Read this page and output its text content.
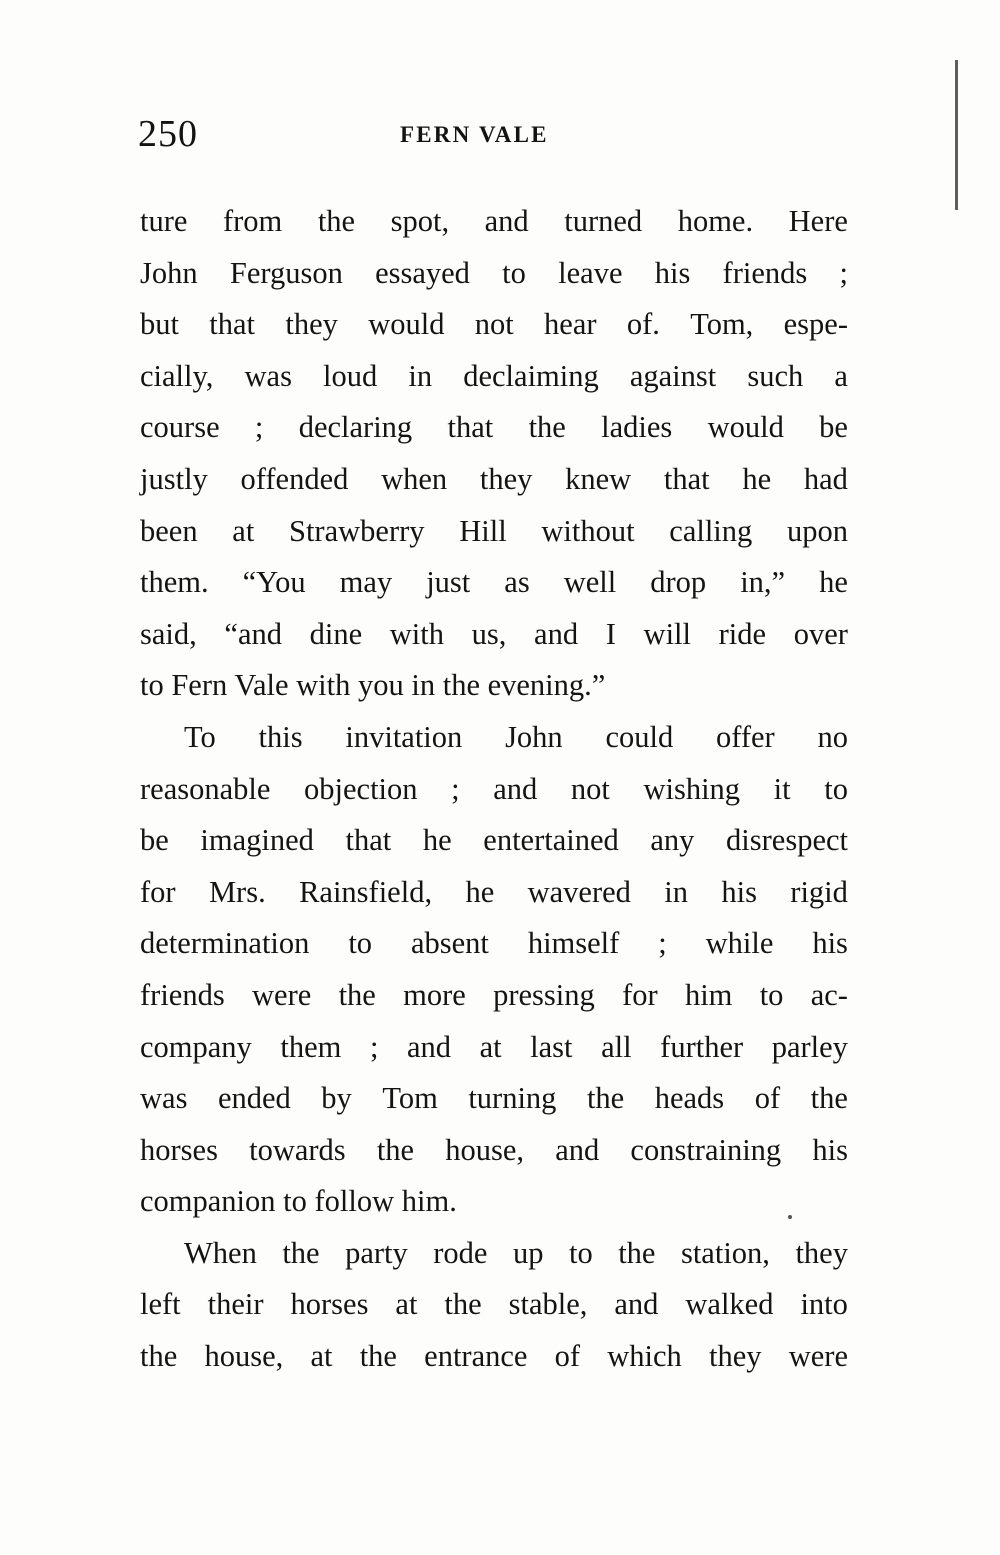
250	FERN VALE

ture from the spot, and turned home. Here
John Ferguson essayed to leave his friends ;
but that they would not hear of. Tom, espe-
cially, was loud in declaiming against such a
course ; declaring that the ladies would be
justly offended when they knew that he had
been at Strawberry Hill without calling upon
them. “You may just as well drop in,” he
said, “and dine with us, and I will ride over
to Fern Vale with you in the evening.”

To this invitation John could offer no
reasonable objection ; and not wishing it to
be imagined that he entertained any disrespect
for Mrs. Rainsfield, he wavered in his rigid
determination to absent himself ; while his
friends were the more pressing for him to ac-
company them ; and at last all further parley
was ended by Tom turning the heads of the
horses towards the house, and constraining his
companion to follow him.

When the party rode up to the station, they
left their horses at the stable, and walked into
the house, at the entrance of which they were
